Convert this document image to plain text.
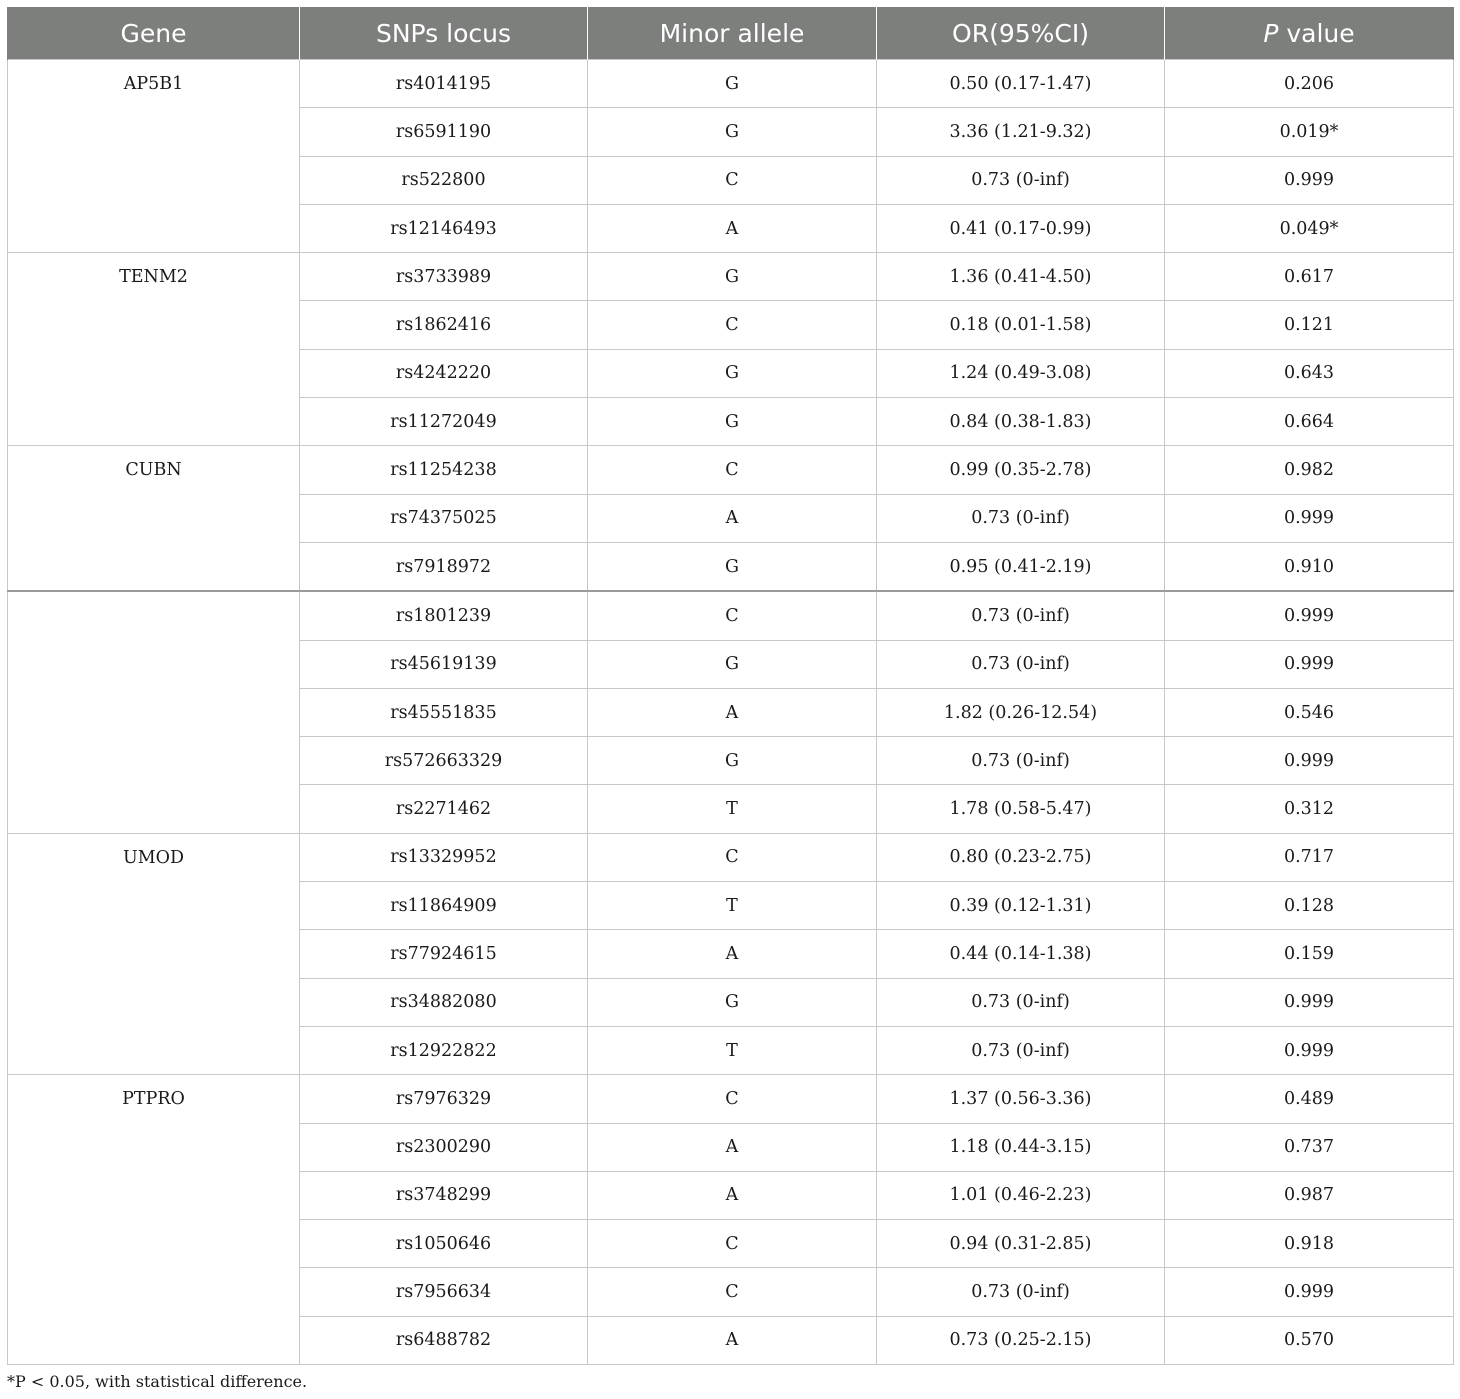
Gene	SNPs locus	Minor allele	OR(95%CI)	P value
AP5B1	rs4014195	G	0.50 (0.17-1.47)	0.206
	rs6591190	G	3.36 (1.21-9.32)	0.019*
	rs522800	C	0.73 (0-inf)	0.999
	rs12146493	A	0.41 (0.17-0.99)	0.049*
TENM2	rs3733989	G	1.36 (0.41-4.50)	0.617
	rs1862416	C	0.18 (0.01-1.58)	0.121
	rs4242220	G	1.24 (0.49-3.08)	0.643
	rs11272049	G	0.84 (0.38-1.83)	0.664
CUBN	rs11254238	C	0.99 (0.35-2.78)	0.982
	rs74375025	A	0.73 (0-inf)	0.999
	rs7918972	G	0.95 (0.41-2.19)	0.910
	rs1801239	C	0.73 (0-inf)	0.999
	rs45619139	G	0.73 (0-inf)	0.999
	rs45551835	A	1.82 (0.26-12.54)	0.546
	rs572663329	G	0.73 (0-inf)	0.999
	rs2271462	T	1.78 (0.58-5.47)	0.312
UMOD	rs13329952	C	0.80 (0.23-2.75)	0.717
	rs11864909	T	0.39 (0.12-1.31)	0.128
	rs77924615	A	0.44 (0.14-1.38)	0.159
	rs34882080	G	0.73 (0-inf)	0.999
	rs12922822	T	0.73 (0-inf)	0.999
PTPRO	rs7976329	C	1.37 (0.56-3.36)	0.489
	rs2300290	A	1.18 (0.44-3.15)	0.737
	rs3748299	A	1.01 (0.46-2.23)	0.987
	rs1050646	C	0.94 (0.31-2.85)	0.918
	rs7956634	C	0.73 (0-inf)	0.999
	rs6488782	A	0.73 (0.25-2.15)	0.570
*P < 0.05, with statistical difference.
